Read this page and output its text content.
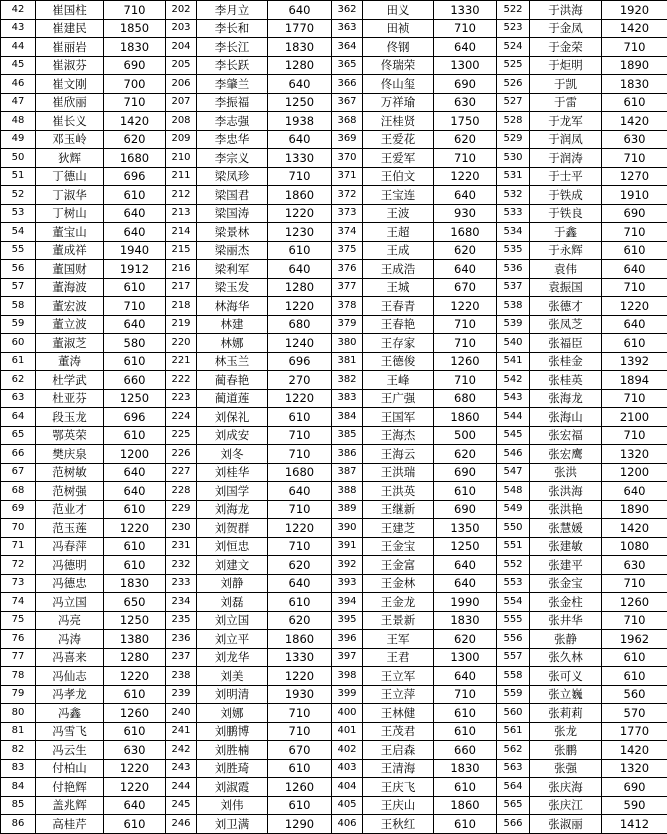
42	崔国柱	710	202	李月立	640	362	田义	1330	522	于洪海	1920
43	崔建民	1850	203	李长和	1770	363	田祯	710	523	于金凤	1420
44	崔丽岩	1830	204	李长江	1830	364	佟钢	640	524	于金荣	710
45	崔淑芬	690	205	李长跃	1280	365	佟瑞荣	1300	525	于炬明	1890
46	崔文刚	700	206	李肇兰	640	366	佟山玺	690	526	于凯	1830
47	崔欣丽	710	207	李振福	1250	367	万祥瑜	630	527	于雷	610
48	崔长义	1420	208	李志强	1938	368	汪桂贤	1750	528	于龙军	1420
49	邓玉岭	620	209	李忠华	640	369	王爱花	620	529	于润凤	630
50	狄辉	1680	210	李宗义	1330	370	王爱军	710	530	于润涛	710
51	丁德山	696	211	梁凤珍	710	371	王伯文	1220	531	于士平	1270
52	丁淑华	610	212	梁国君	1860	372	王宝连	640	532	于铁成	1910
53	丁树山	640	213	梁国涛	1220	373	王波	930	533	于铁良	690
54	董宝山	640	214	梁景林	1230	374	王超	1680	534	于鑫	710
55	董成祥	1940	215	梁丽杰	610	375	王成	620	535	于永辉	610
56	董国财	1912	216	梁利军	640	376	王成浩	640	536	袁伟	640
57	董海波	610	217	梁玉发	1280	377	王城	670	537	袁振国	710
58	董宏波	710	218	林海华	1220	378	王春青	1220	538	张德才	1220
59	董立波	640	219	林建	680	379	王春艳	710	539	张凤芝	640
60	董淑芝	580	220	林娜	1240	380	王存家	710	540	张福臣	610
61	董涛	610	221	林玉兰	696	381	王德俊	1260	541	张桂金	1392
62	杜学武	660	222	蔺春艳	270	382	王峰	710	542	张桂英	1894
63	杜亚芬	1250	223	蔺道莲	1220	383	王广强	680	543	张海龙	710
64	段玉龙	696	224	刘保礼	610	384	王国军	1860	544	张海山	2100
65	鄂英荣	610	225	刘成安	710	385	王海杰	500	545	张宏福	710
66	樊庆泉	1200	226	刘冬	710	386	王海云	620	546	张宏鹰	1320
67	范树敏	640	227	刘桂华	1680	387	王洪瑞	690	547	张洪	1200
68	范树强	640	228	刘国学	640	388	王洪英	610	548	张洪海	640
69	范业才	610	229	刘海龙	710	389	王继新	690	549	张洪艳	1890
70	范玉莲	1220	230	刘贺群	1220	390	王建芝	1350	550	张慧媛	1420
71	冯春萍	610	231	刘恒忠	710	391	王金宝	1250	551	张建敏	1080
72	冯德明	610	232	刘建文	620	392	王金富	640	552	张建平	630
73	冯德忠	1830	233	刘静	640	393	王金林	640	553	张金宝	710
74	冯立国	650	234	刘磊	610	394	王金龙	1990	554	张金柱	1260
75	冯亮	1250	235	刘立国	620	395	王景新	1830	555	张井华	710
76	冯涛	1380	236	刘立平	1860	396	王军	620	556	张静	1962
77	冯喜来	1280	237	刘龙华	1330	397	王君	1300	557	张久林	610
78	冯仙志	1220	238	刘美	1220	398	王立军	640	558	张可义	610
79	冯孝龙	610	239	刘明清	1930	399	王立萍	710	559	张立巍	560
80	冯鑫	1260	240	刘娜	710	400	王林健	610	560	张莉莉	570
81	冯雪飞	610	241	刘鹏博	710	401	王茂君	610	561	张龙	1770
82	冯云生	630	242	刘胜楠	670	402	王启森	660	562	张鹏	1420
83	付柏山	1220	243	刘胜琦	610	403	王清海	1830	563	张强	1320
84	付艳辉	1220	244	刘淑霞	1260	404	王庆飞	610	564	张庆海	690
85	盖兆辉	640	245	刘伟	610	405	王庆山	1860	565	张庆江	590
86	高桂芹	610	246	刘卫满	1290	406	王秋红	610	566	张淑丽	1412
